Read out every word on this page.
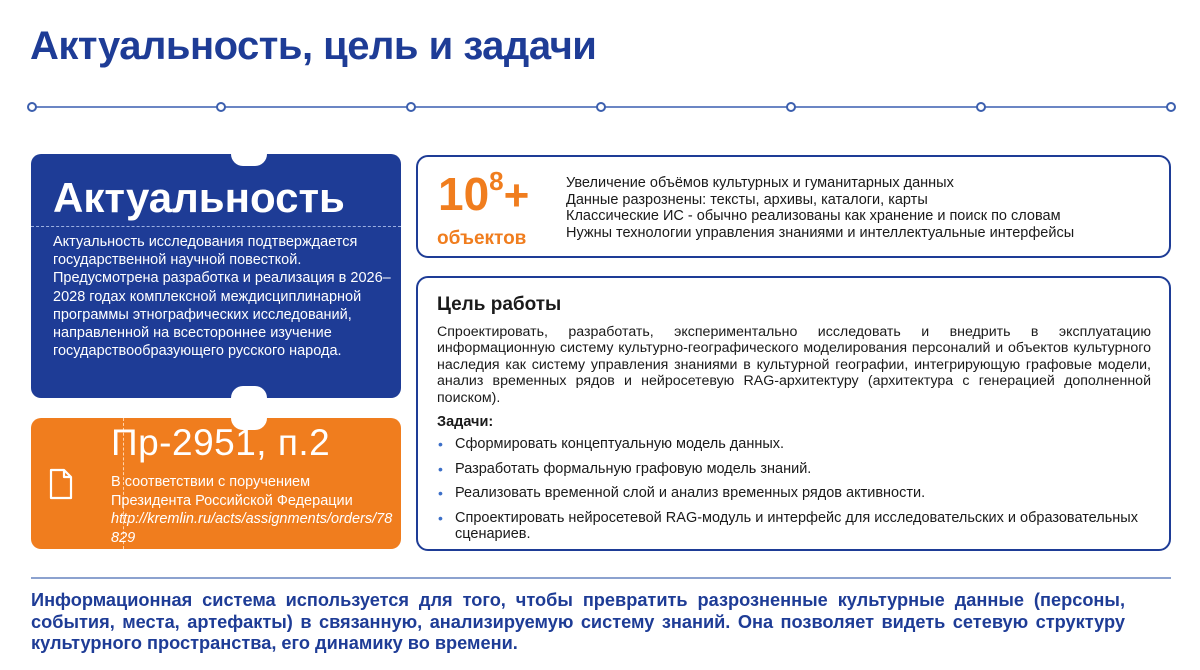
Актуальность, цель и задачи
Актуальность

Актуальность исследования подтверждается государственной научной повесткой. Предусмотрена разработка и реализация в 2026–2028 годах комплексной междисциплинарной программы этнографических исследований, направленной на всестороннее изучение государствообразующего русского народа.

Пр-2951, п.2
В соответствии с поручением
Президента Российской Федерации
http://kremlin.ru/acts/assignments/orders/78829
$10^8+$
объектов
Увеличение объёмов культурных и гуманитарных данных
Данные разрознены: тексты, архивы, каталоги, карты
Классические ИС - обычно реализованы как хранение и поиск по словам
Нужны технологии управления знаниями и интеллектуальные интерфейсы
Цель работы

Спроектировать, разработать, экспериментально исследовать и внедрить в эксплуатацию информационную систему культурно-географического моделирования персоналий и объектов культурного наследия как систему управления знаниями в культурной географии, интегрирующую графовые модели, анализ временных рядов и нейросетевую RAG-архитектуру (архитектура с генерацией дополненной поиском).

Задачи:
• Сформировать концептуальную модель данных.
• Разработать формальную графовую модель знаний.
• Реализовать временной слой и анализ временных рядов активности.
• Спроектировать нейросетевой RAG-модуль и интерфейс для исследовательских и образовательных сценариев.

Информационная система используется для того, чтобы превратить разрозненные культурные данные (персоны, события, места, артефакты) в связанную, анализируемую систему знаний. Она позволяет видеть сетевую структуру культурного пространства, его динамику во времени.
